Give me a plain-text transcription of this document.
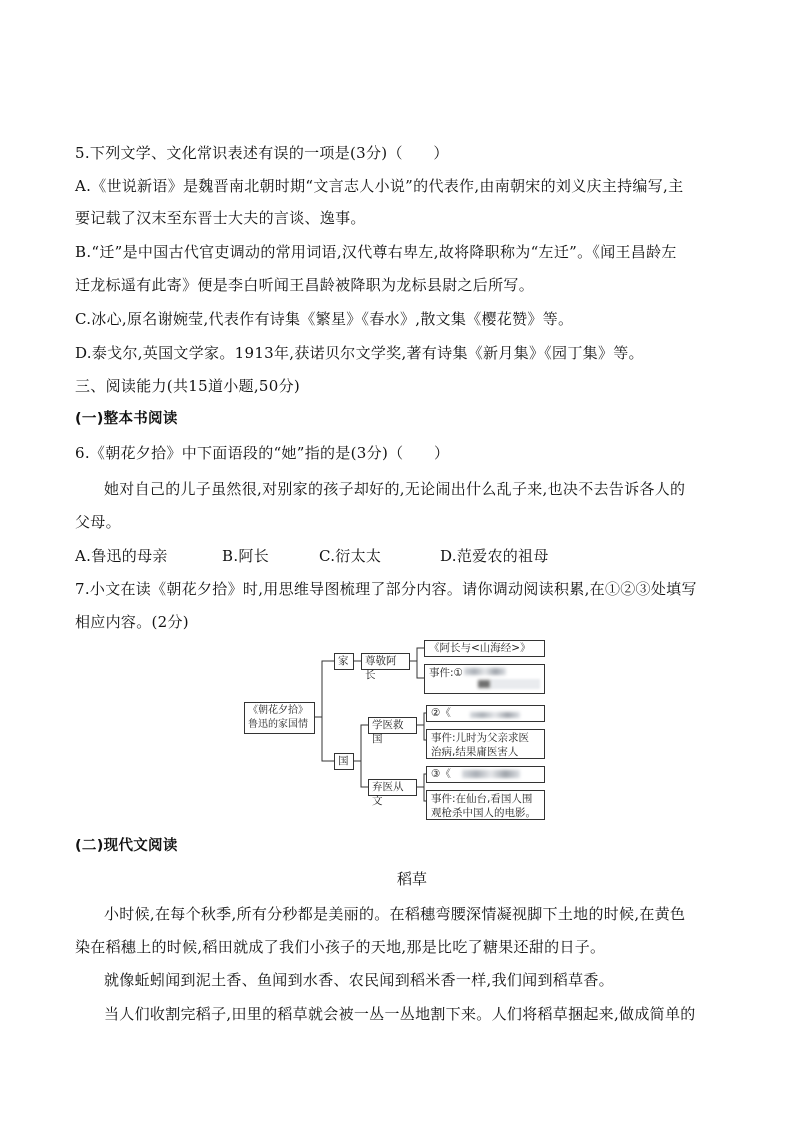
5.下列文学、文化常识表述有误的一项是(3分)（　　）
A.《世说新语》是魏晋南北朝时期“文言志人小说”的代表作,由南朝宋的刘义庆主持编写,主
要记载了汉末至东晋士大夫的言谈、逸事。
B.“迁”是中国古代官吏调动的常用词语,汉代尊右卑左,故将降职称为“左迁”。《闻王昌龄左
迁龙标遥有此寄》便是李白听闻王昌龄被降职为龙标县尉之后所写。
C.冰心,原名谢婉莹,代表作有诗集《繁星》《春水》,散文集《樱花赞》等。
D.泰戈尔,英国文学家。1913年,获诺贝尔文学奖,著有诗集《新月集》《园丁集》等。
三、阅读能力(共15道小题,50分)
(一)整本书阅读
6.《朝花夕拾》中下面语段的“她”指的是(3分)（　　）
她对自己的儿子虽然很,对别家的孩子却好的,无论闹出什么乱子来,也决不去告诉各人的
父母。
A.鲁迅的母亲	B.阿长	C.衍太太	D.范爱农的祖母
7.小文在读《朝花夕拾》时,用思维导图梳理了部分内容。请你调动阅读积累,在①②③处填写
相应内容。(2分)
《朝花夕拾》
鲁迅的家国情
家
国
尊敬阿长
学医救国
弃医从文
《阿长与<山海经>》
事件:①
②《
事件:儿时为父亲求医
治病,结果庸医害人
③《
事件:在仙台,看国人围
观枪杀中国人的电影。
(二)现代文阅读
稻草
小时候,在每个秋季,所有分秒都是美丽的。在稻穗弯腰深情凝视脚下土地的时候,在黄色
染在稻穗上的时候,稻田就成了我们小孩子的天地,那是比吃了糖果还甜的日子。
就像蚯蚓闻到泥土香、鱼闻到水香、农民闻到稻米香一样,我们闻到稻草香。
当人们收割完稻子,田里的稻草就会被一丛一丛地割下来。人们将稻草捆起来,做成简单的
